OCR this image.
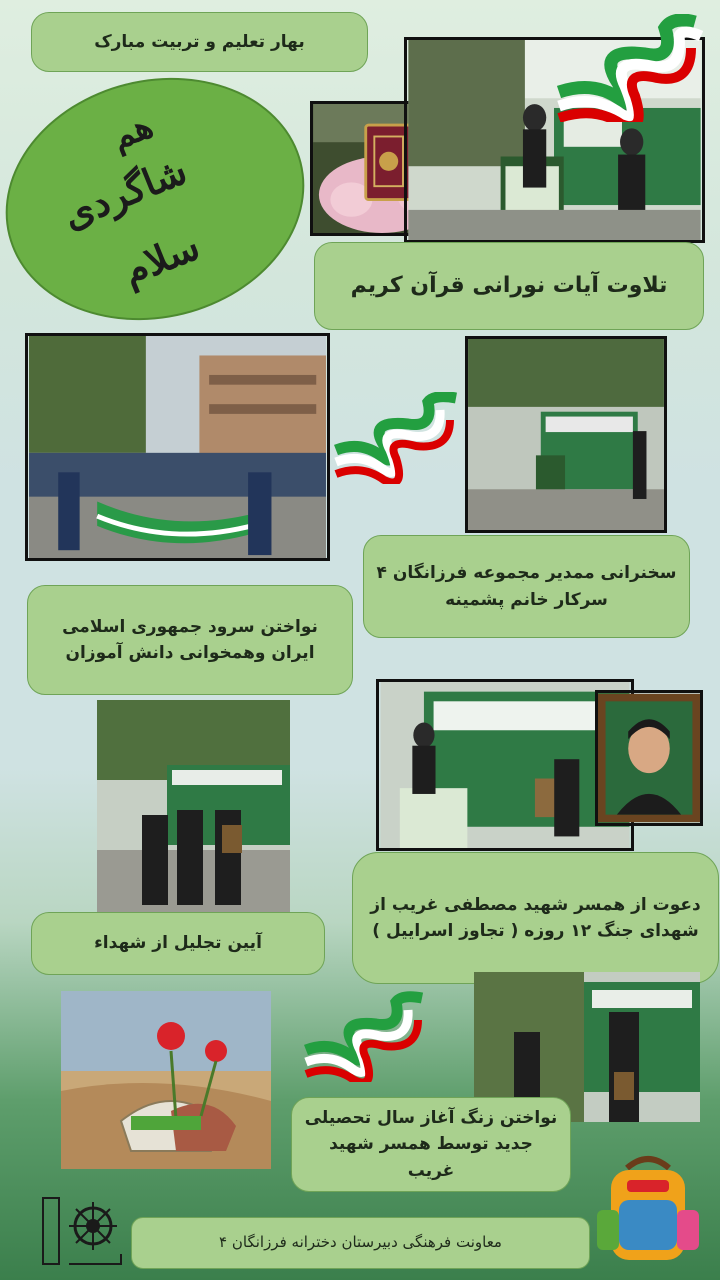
بهار تعلیم و تربیت مبارک
هم
شاگردی
سلام	تلاوت آیات نورانی قرآن کریم
سخنرانی ممدیر مجموعه فرزانگان ۴ سرکار خانم پشمینه
نواختن سرود جمهوری اسلامی ایران وهمخوانی دانش آموزان
دعوت از همسر شهید مصطفی غریب از شهدای جنگ ۱۲ روزه ( تجاوز اسراییل )
آیین تجلیل از شهداء
نواختن زنگ آغاز سال تحصیلی جدید توسط همسر شهید غریب
معاونت فرهنگی دبیرستان دخترانه فرزانگان ۴
